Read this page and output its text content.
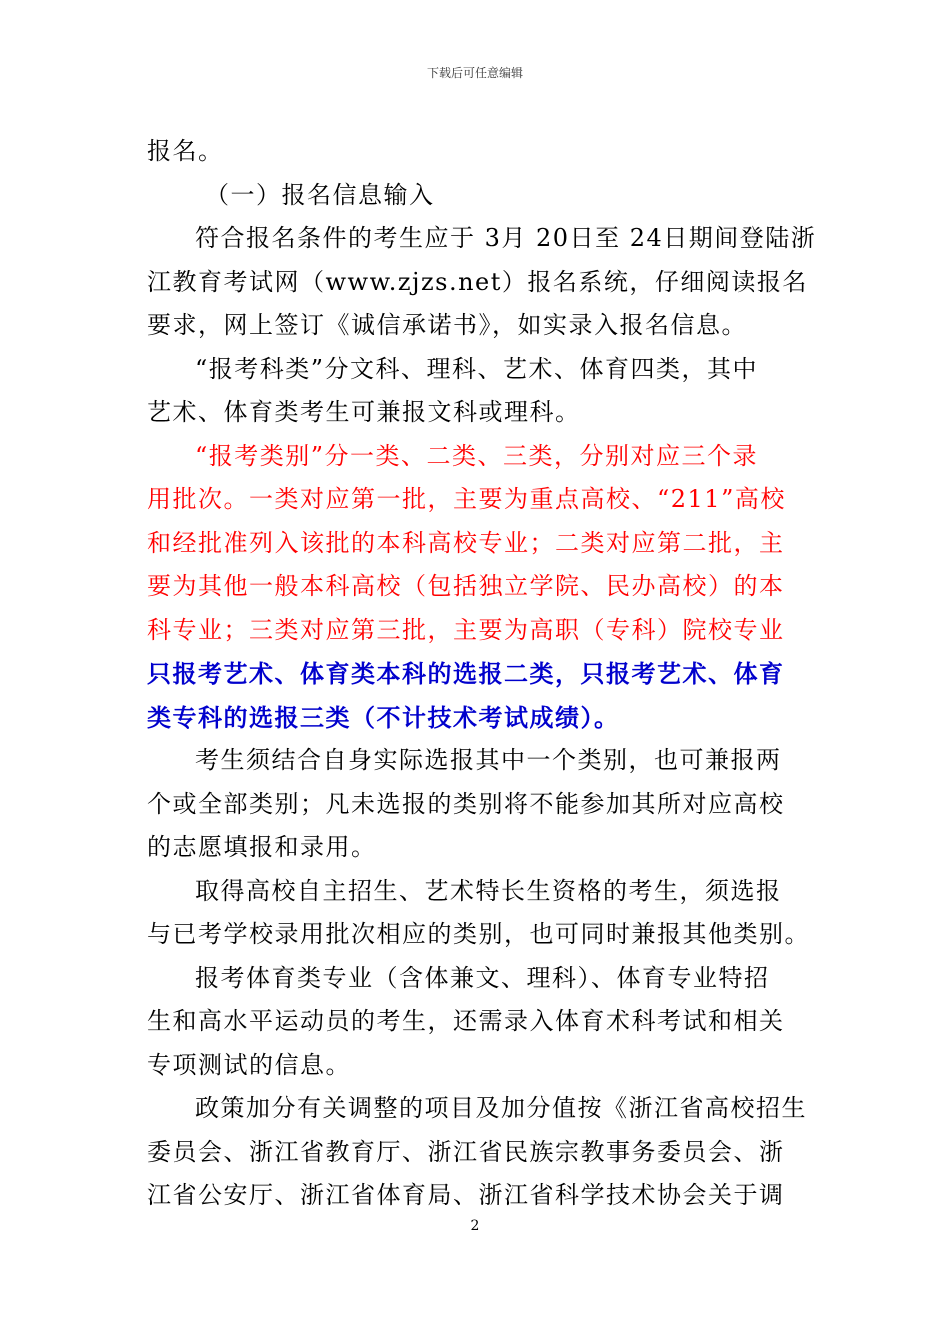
下载后可任意编辑
报名。
（一）报名信息输入
符合报名条件的考生应于 3月 20日至 24日期间登陆浙
江教育考试网（www.zjzs.net）报名系统，仔细阅读报名
要求，网上签订《诚信承诺书》，如实录入报名信息。
“报考科类”分文科、理科、艺术、体育四类，其中
艺术、体育类考生可兼报文科或理科。
“报考类别”分一类、二类、三类，分别对应三个录
用批次。一类对应第一批，主要为重点高校、“211”高校
和经批准列入该批的本科高校专业；二类对应第二批，主
要为其他一般本科高校（包括独立学院、民办高校）的本
科专业；三类对应第三批，主要为高职（专科）院校专业
只报考艺术、体育类本科的选报二类，只报考艺术、体育
类专科的选报三类（不计技术考试成绩）。
考生须结合自身实际选报其中一个类别，也可兼报两
个或全部类别；凡未选报的类别将不能参加其所对应高校
的志愿填报和录用。
取得高校自主招生、艺术特长生资格的考生，须选报
与已考学校录用批次相应的类别，也可同时兼报其他类别。
报考体育类专业（含体兼文、理科）、体育专业特招
生和高水平运动员的考生，还需录入体育术科考试和相关
专项测试的信息。
政策加分有关调整的项目及加分值按《浙江省高校招生
委员会、浙江省教育厅、浙江省民族宗教事务委员会、浙
江省公安厅、浙江省体育局、浙江省科学技术协会关于调
2
